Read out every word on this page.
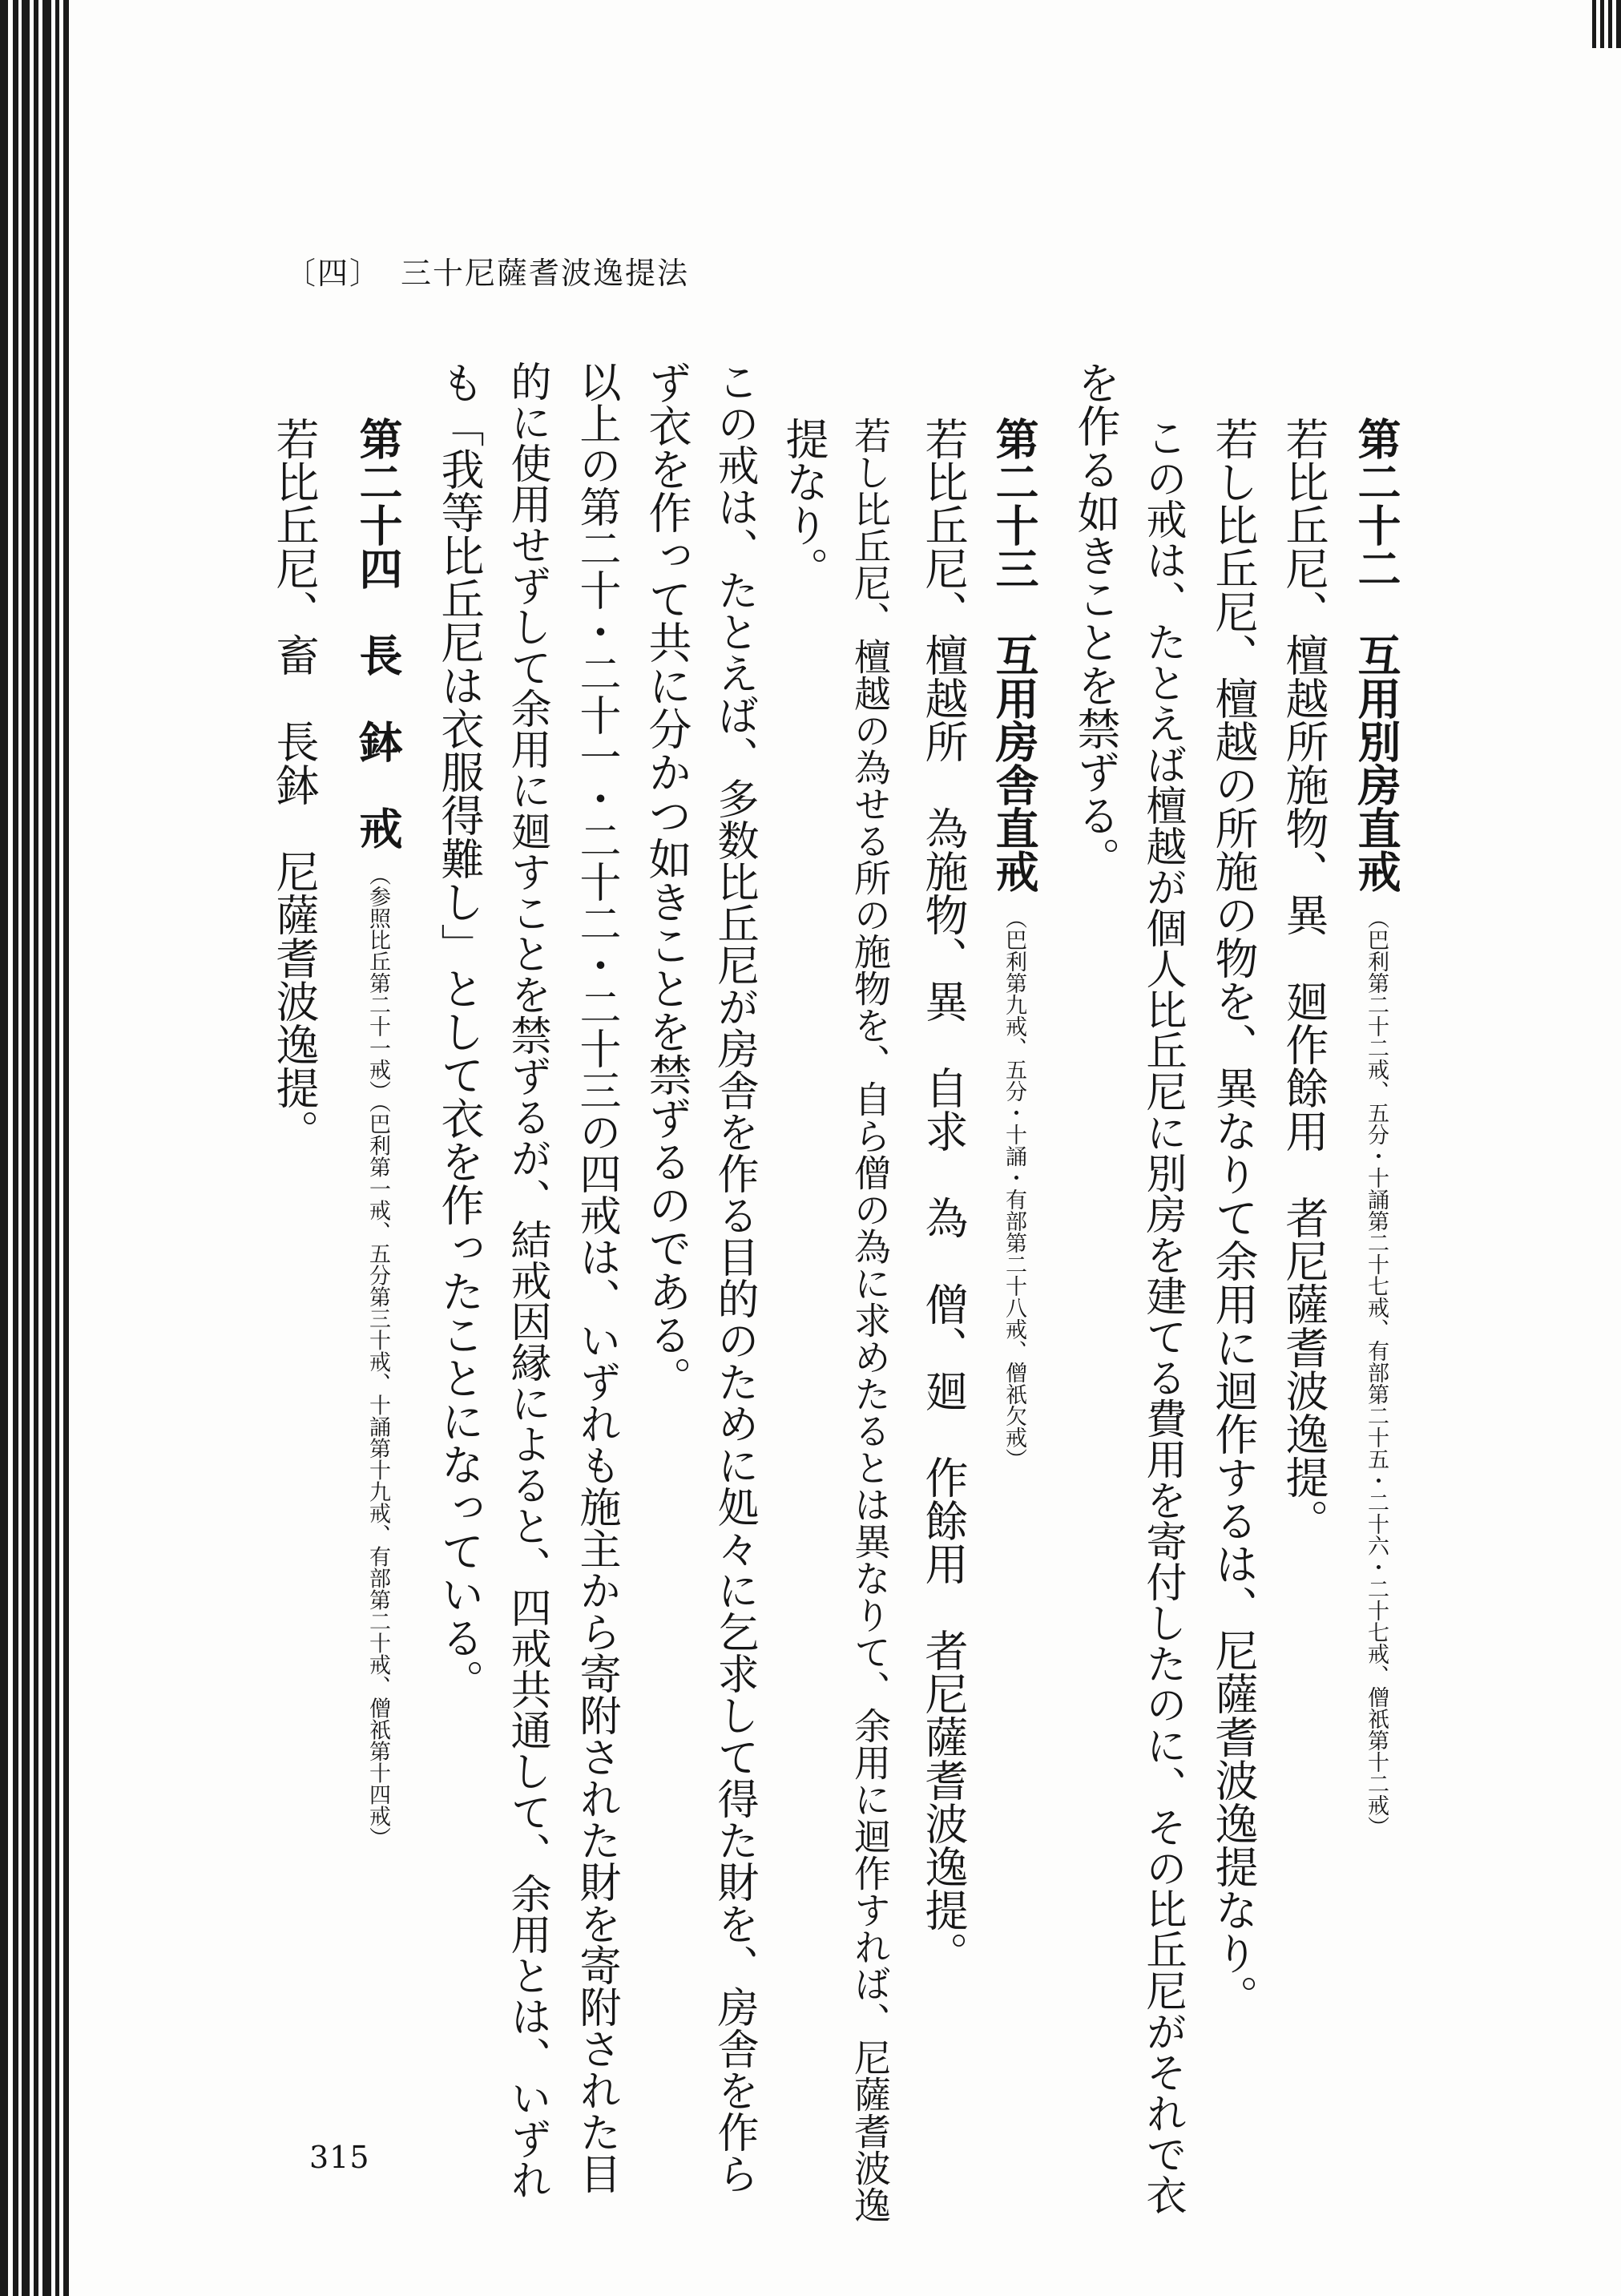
〔四〕 三十尼薩耆波逸提法
第二十二　互用別房直戒（巴利第二十二戒、五分・十誦第二十七戒、有部第二十五・二十六・二十七戒、僧祇第十二戒）
若比丘尼、檀越所施物、異　廻作餘用　者尼薩耆波逸提。
若し比丘尼、檀越の所施の物を、異なりて余用に迴作するは、尼薩耆波逸提なり。
この戒は、たとえば檀越が個人比丘尼に別房を建てる費用を寄付したのに、その比丘尼がそれで衣
を作る如きことを禁ずる。
第二十三　互用房舎直戒（巴利第九戒、五分・十誦・有部第二十八戒、僧祇欠戒）
若比丘尼、檀越所　為施物、異　自求　為　僧、廻　作餘用　者尼薩耆波逸提。
若し比丘尼、檀越の為せる所の施物を、自ら僧の為に求めたるとは異なりて、余用に迴作すれば、尼薩耆波逸
提なり。
この戒は、たとえば、多数比丘尼が房舎を作る目的のために処々に乞求して得た財を、房舎を作ら
ず衣を作って共に分かつ如きことを禁ずるのである。
以上の第二十・二十一・二十二・二十三の四戒は、いずれも施主から寄附された財を寄附された目
的に使用せずして余用に廻すことを禁ずるが、結戒因縁によると、四戒共通して、余用とは、いずれ
も「我等比丘尼は衣服得難し」として衣を作ったことになっている。
第二十四　長　鉢　戒（参照比丘第二十一戒）（巴利第一戒、五分第三十戒、十誦第十九戒、有部第二十戒、僧祇第十四戒）
若比丘尼、畜　長鉢　尼薩耆波逸提。
315
